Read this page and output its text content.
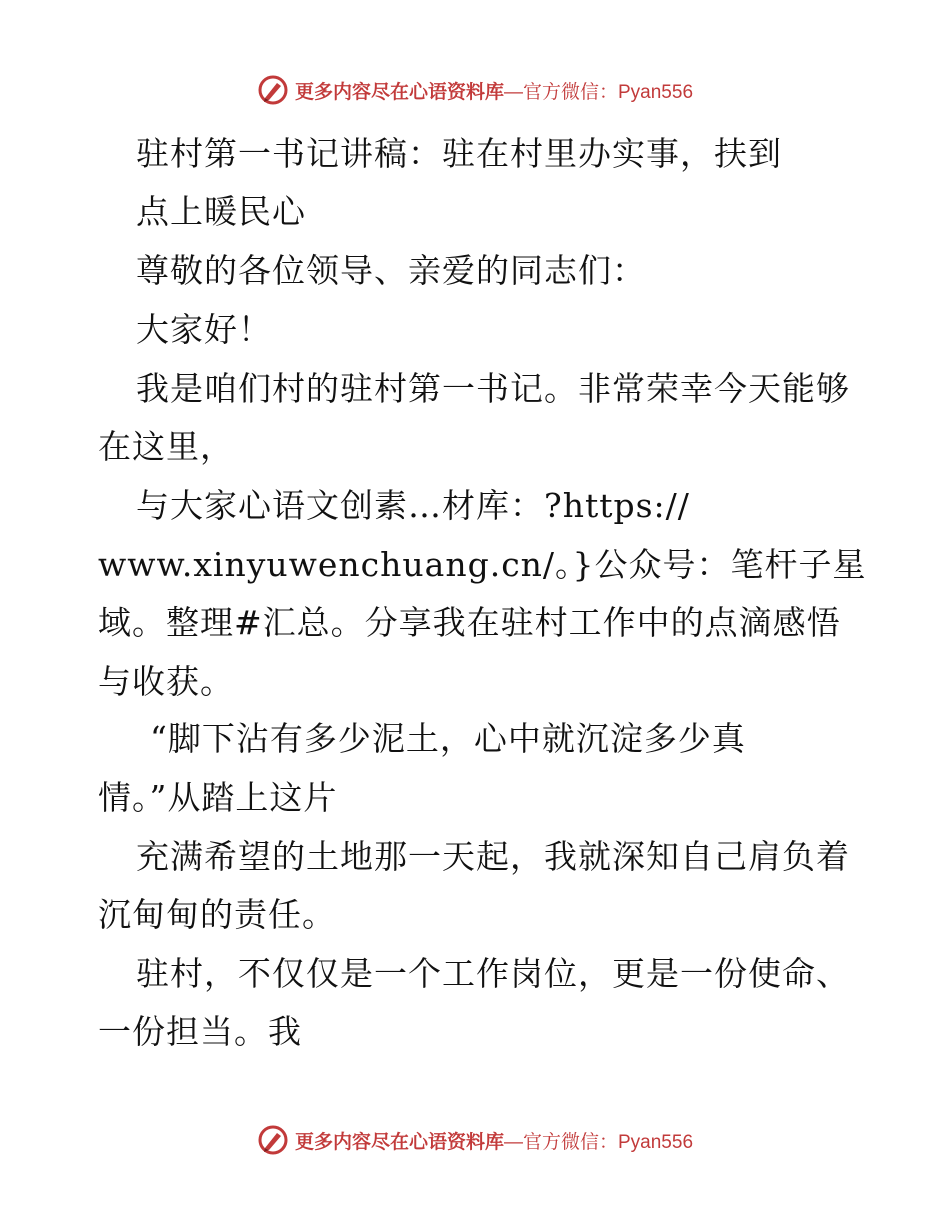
更多内容尽在心语资料库 —官方微信：Pyan556
驻村第一书记讲稿：驻在村里办实事，扶到
点上暖民心
尊敬的各位领导、亲爱的同志们：
大家好！
我是咱们村的驻村第一书记。非常荣幸今天能够
在这里，
与大家心语文创素…材库：?https://
www.xinyuwenchuang.cn/。}公众号：笔杆子星
域。整理#汇总。分享我在驻村工作中的点滴感悟
与收获。
“脚下沾有多少泥土，心中就沉淀多少真
情。”从踏上这片
充满希望的土地那一天起，我就深知自己肩负着
沉甸甸的责任。
驻村，不仅仅是一个工作岗位，更是一份使命、
一份担当。我
更多内容尽在心语资料库 —官方微信：Pyan556
